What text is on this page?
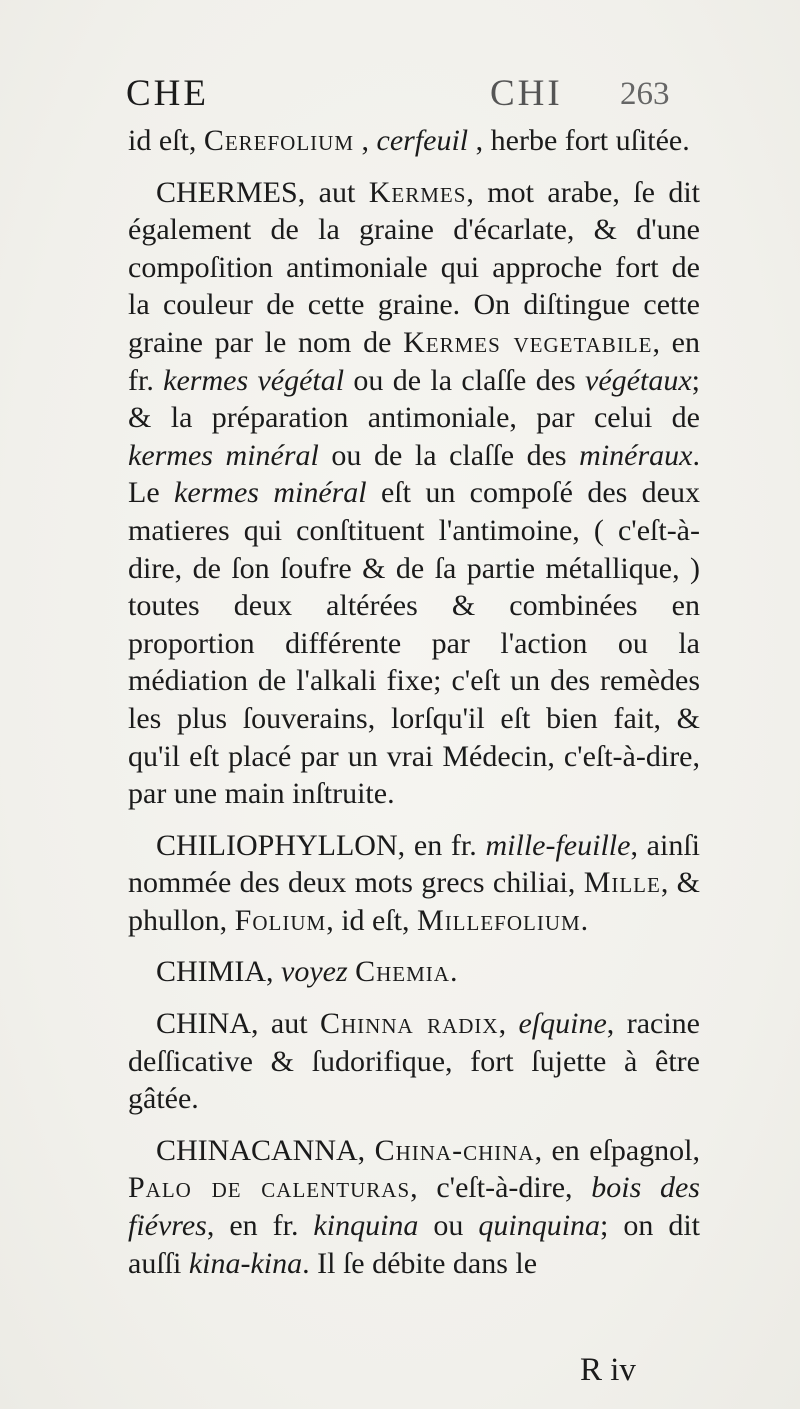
CHE	CHI 263

id eſt, Cerefolium , cerfeuil , herbe fort uſitée.

CHERMES, aut Kermes, mot arabe, ſe dit également de la graine d'écarlate, & d'une compoſition antimoniale qui approche fort de la couleur de cette graine. On diſtingue cette graine par le nom de Kermes vegetabile, en fr. kermes végétal ou de la claſſe des végétaux; & la préparation antimoniale, par celui de kermes minéral ou de la claſſe des minéraux. Le kermes minéral eſt un compoſé des deux matieres qui conſtituent l'antimoine, ( c'eſt-à-dire, de ſon ſoufre & de ſa partie métallique, ) toutes deux altérées & combinées en proportion différente par l'action ou la médiation de l'alkali fixe; c'eſt un des remèdes les plus ſouverains, lorſqu'il eſt bien fait, & qu'il eſt placé par un vrai Médecin, c'eſt-à-dire, par une main inſtruite.

CHILIOPHYLLON, en fr. mille-feuille, ainſi nommée des deux mots grecs chiliai, Mille, & phullon, Folium, id eſt, Millefolium.

CHIMIA, voyez Chemia.

CHINA, aut Chinna radix, eſquine, racine deſſicative & ſudorifique, fort ſujette à être gâtée.

CHINACANNA, China-china, en eſpagnol, Palo de calenturas, c'eſt-à-dire, bois des fiévres, en fr. kinquina ou quinquina; on dit auſſi kina-kina. Il ſe débite dans le

R iv
